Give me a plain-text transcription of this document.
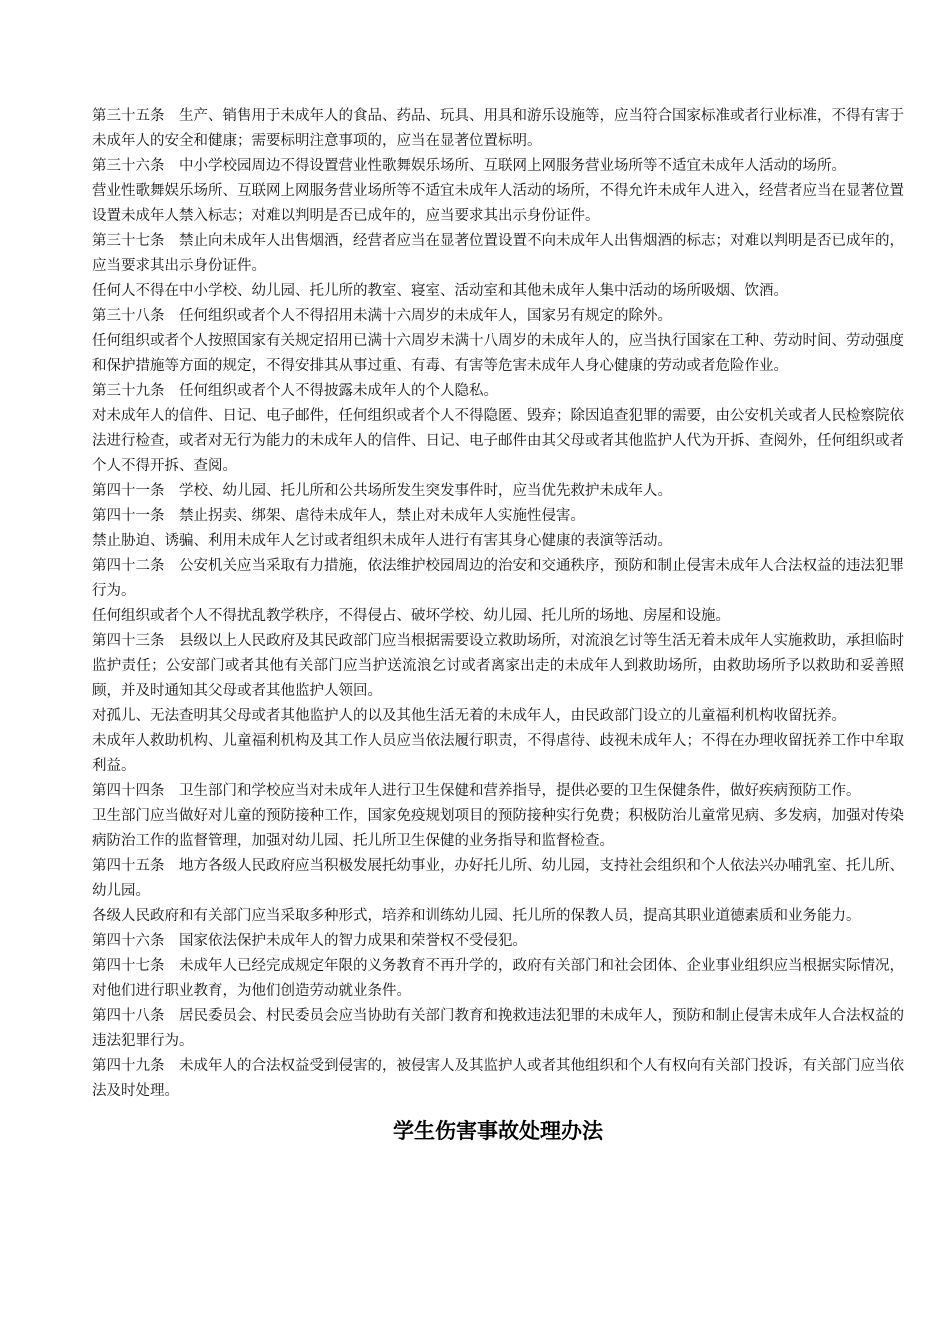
第三十五条　生产、销售用于未成年人的食品、药品、玩具、用具和游乐设施等，应当符合国家标准或者行业标准，不得有害于未成年人的安全和健康；需要标明注意事项的，应当在显著位置标明。

第三十六条　中小学校园周边不得设置营业性歌舞娱乐场所、互联网上网服务营业场所等不适宜未成年人活动的场所。

营业性歌舞娱乐场所、互联网上网服务营业场所等不适宜未成年人活动的场所，不得允许未成年人进入，经营者应当在显著位置设置未成年人禁入标志；对难以判明是否已成年的，应当要求其出示身份证件。

第三十七条　禁止向未成年人出售烟酒，经营者应当在显著位置设置不向未成年人出售烟酒的标志；对难以判明是否已成年的，应当要求其出示身份证件。

任何人不得在中小学校、幼儿园、托儿所的教室、寝室、活动室和其他未成年人集中活动的场所吸烟、饮酒。

第三十八条　任何组织或者个人不得招用未满十六周岁的未成年人，国家另有规定的除外。

任何组织或者个人按照国家有关规定招用已满十六周岁未满十八周岁的未成年人的，应当执行国家在工种、劳动时间、劳动强度和保护措施等方面的规定，不得安排其从事过重、有毒、有害等危害未成年人身心健康的劳动或者危险作业。

第三十九条　任何组织或者个人不得披露未成年人的个人隐私。

对未成年人的信件、日记、电子邮件，任何组织或者个人不得隐匿、毁弃；除因追查犯罪的需要，由公安机关或者人民检察院依法进行检查，或者对无行为能力的未成年人的信件、日记、电子邮件由其父母或者其他监护人代为开拆、查阅外，任何组织或者个人不得开拆、查阅。

第四十一条　学校、幼儿园、托儿所和公共场所发生突发事件时，应当优先救护未成年人。

第四十一条　禁止拐卖、绑架、虐待未成年人，禁止对未成年人实施性侵害。

禁止胁迫、诱骗、利用未成年人乞讨或者组织未成年人进行有害其身心健康的表演等活动。

第四十二条　公安机关应当采取有力措施，依法维护校园周边的治安和交通秩序，预防和制止侵害未成年人合法权益的违法犯罪行为。

任何组织或者个人不得扰乱教学秩序，不得侵占、破坏学校、幼儿园、托儿所的场地、房屋和设施。

第四十三条　县级以上人民政府及其民政部门应当根据需要设立救助场所，对流浪乞讨等生活无着未成年人实施救助，承担临时监护责任；公安部门或者其他有关部门应当护送流浪乞讨或者离家出走的未成年人到救助场所，由救助场所予以救助和妥善照顾，并及时通知其父母或者其他监护人领回。

对孤儿、无法查明其父母或者其他监护人的以及其他生活无着的未成年人，由民政部门设立的儿童福利机构收留抚养。

未成年人救助机构、儿童福利机构及其工作人员应当依法履行职责，不得虐待、歧视未成年人；不得在办理收留抚养工作中牟取利益。

第四十四条　卫生部门和学校应当对未成年人进行卫生保健和营养指导，提供必要的卫生保健条件，做好疾病预防工作。

卫生部门应当做好对儿童的预防接种工作，国家免疫规划项目的预防接种实行免费；积极防治儿童常见病、多发病，加强对传染病防治工作的监督管理，加强对幼儿园、托儿所卫生保健的业务指导和监督检查。

第四十五条　地方各级人民政府应当积极发展托幼事业，办好托儿所、幼儿园，支持社会组织和个人依法兴办哺乳室、托儿所、幼儿园。

各级人民政府和有关部门应当采取多种形式，培养和训练幼儿园、托儿所的保教人员，提高其职业道德素质和业务能力。

第四十六条　国家依法保护未成年人的智力成果和荣誉权不受侵犯。

第四十七条　未成年人已经完成规定年限的义务教育不再升学的，政府有关部门和社会团体、企业事业组织应当根据实际情况，对他们进行职业教育，为他们创造劳动就业条件。

第四十八条　居民委员会、村民委员会应当协助有关部门教育和挽救违法犯罪的未成年人，预防和制止侵害未成年人合法权益的违法犯罪行为。

第四十九条　未成年人的合法权益受到侵害的，被侵害人及其监护人或者其他组织和个人有权向有关部门投诉，有关部门应当依法及时处理。

学生伤害事故处理办法
